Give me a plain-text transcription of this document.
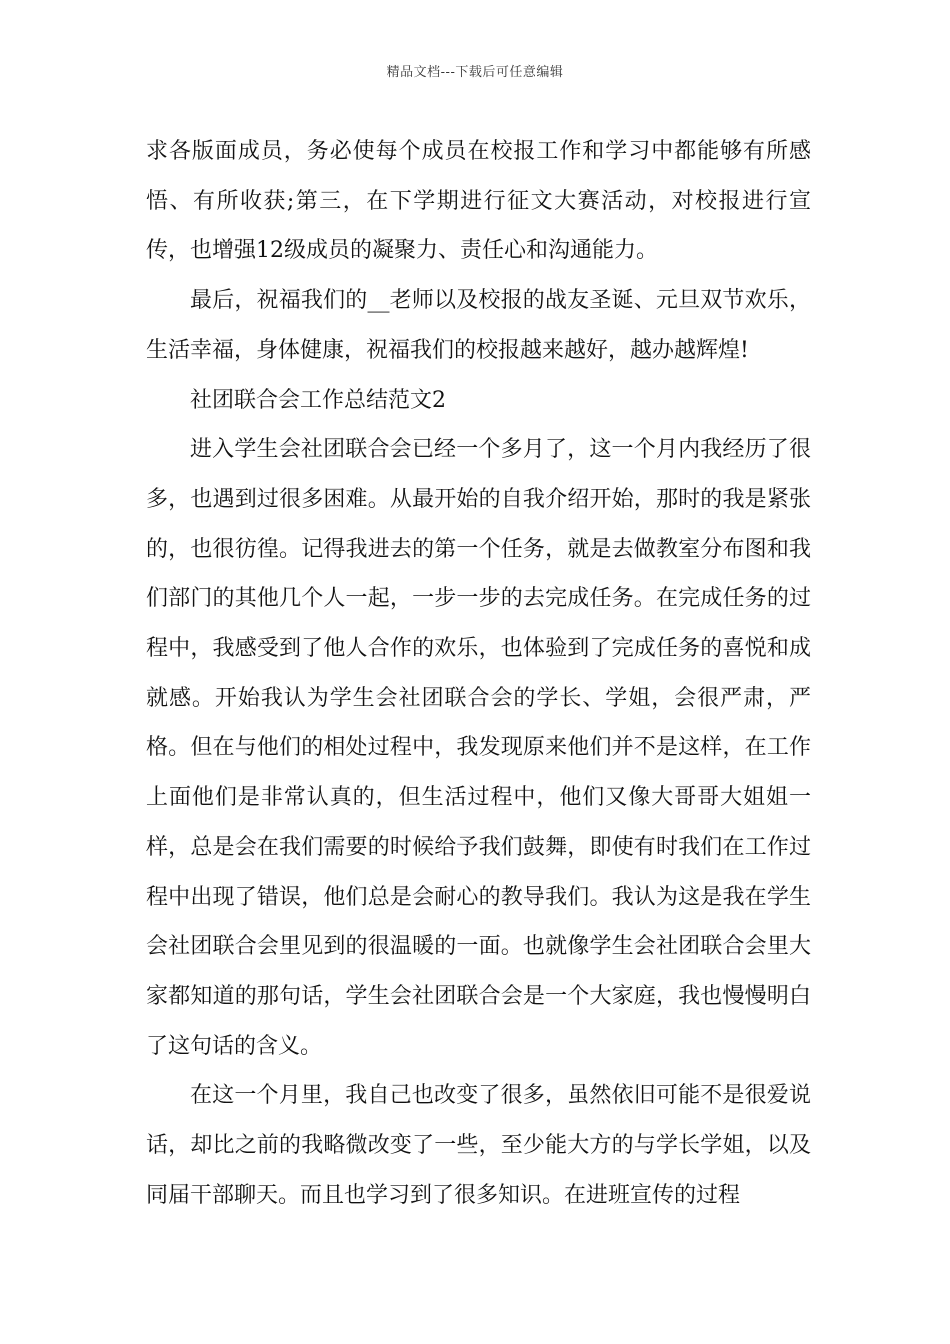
精品文档---下载后可任意编辑

求各版面成员，务必使每个成员在校报工作和学习中都能够有所感悟、有所收获;第三，在下学期进行征文大赛活动，对校报进行宣传，也增强12级成员的凝聚力、责任心和沟通能力。

最后，祝福我们的__老师以及校报的战友圣诞、元旦双节欢乐，生活幸福，身体健康，祝福我们的校报越来越好，越办越辉煌!

社团联合会工作总结范文2

进入学生会社团联合会已经一个多月了，这一个月内我经历了很多，也遇到过很多困难。从最开始的自我介绍开始，那时的我是紧张的，也很彷徨。记得我进去的第一个任务，就是去做教室分布图和我们部门的其他几个人一起，一步一步的去完成任务。在完成任务的过程中，我感受到了他人合作的欢乐，也体验到了完成任务的喜悦和成就感。开始我认为学生会社团联合会的学长、学姐，会很严肃，严格。但在与他们的相处过程中，我发现原来他们并不是这样，在工作上面他们是非常认真的，但生活过程中，他们又像大哥哥大姐姐一样，总是会在我们需要的时候给予我们鼓舞，即使有时我们在工作过程中出现了错误，他们总是会耐心的教导我们。我认为这是我在学生会社团联合会里见到的很温暖的一面。也就像学生会社团联合会里大家都知道的那句话，学生会社团联合会是一个大家庭，我也慢慢明白了这句话的含义。

在这一个月里，我自己也改变了很多，虽然依旧可能不是很爱说话，却比之前的我略微改变了一些，至少能大方的与学长学姐，以及同届干部聊天。而且也学习到了很多知识。在进班宣传的过程
